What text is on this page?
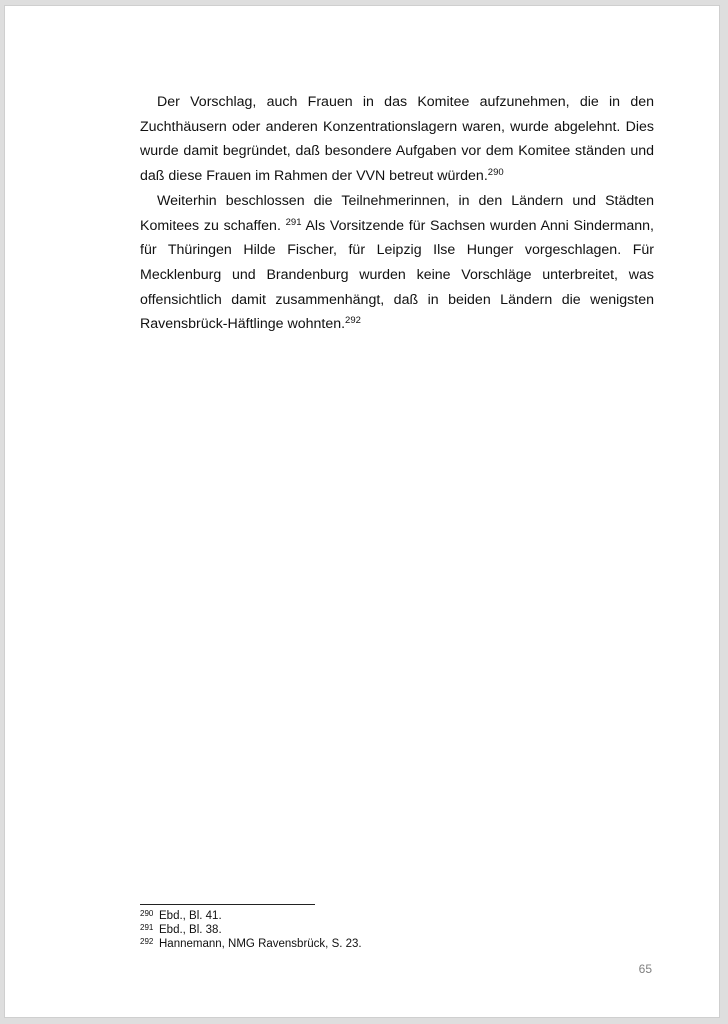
Der Vorschlag, auch Frauen in das Komitee aufzunehmen, die in den Zuchthäusern oder anderen Konzentrationslagern waren, wurde abgelehnt. Dies wurde damit begründet, daß besondere Aufgaben vor dem Komitee ständen und daß diese Frauen im Rahmen der VVN betreut würden.$^{290}$

Weiterhin beschlossen die Teilnehmerinnen, in den Ländern und Städten Komitees zu schaffen. $^{291}$ Als Vorsitzende für Sachsen wurden Anni Sindermann, für Thüringen Hilde Fischer, für Leipzig Ilse Hunger vorgeschlagen. Für Mecklenburg und Brandenburg wurden keine Vorschläge unterbreitet, was offensichtlich damit zusammenhängt, daß in beiden Ländern die wenigsten Ravensbrück-Häftlinge wohnten.$^{292}$

290 Ebd., Bl. 41.
291 Ebd., Bl. 38.
292 Hannemann, NMG Ravensbrück, S. 23.
65
